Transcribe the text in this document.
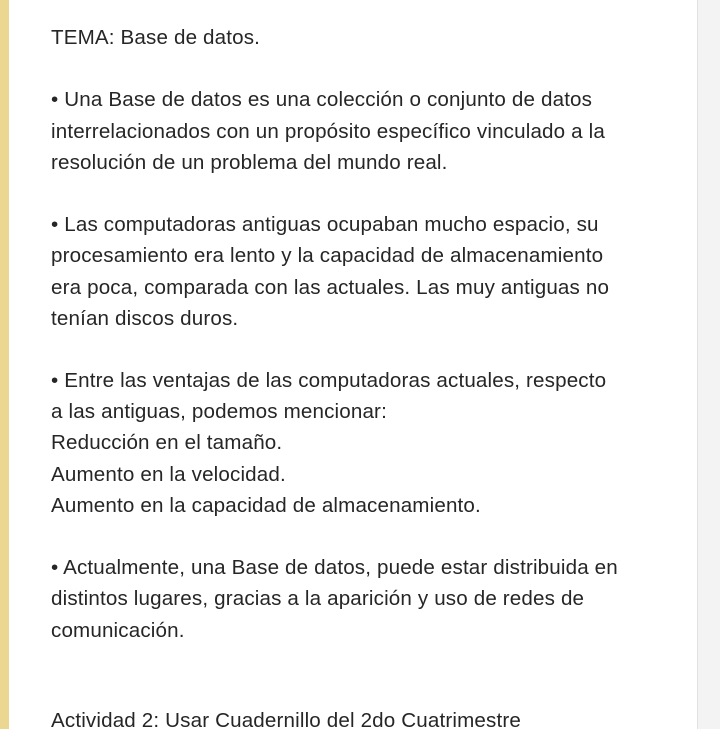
TEMA: Base de datos.
• Una Base de datos es una colección o conjunto de datos
interrelacionados con un propósito específico vinculado a la
resolución de un problema del mundo real.
• Las computadoras antiguas ocupaban mucho espacio, su
procesamiento era lento y la capacidad de almacenamiento
era poca, comparada con las actuales. Las muy antiguas no
tenían discos duros.
• Entre las ventajas de las computadoras actuales, respecto
a las antiguas, podemos mencionar:
Reducción en el tamaño.
Aumento en la velocidad.
Aumento en la capacidad de almacenamiento.
• Actualmente, una Base de datos, puede estar distribuida en
distintos lugares, gracias a la aparición y uso de redes de
comunicación.
Actividad 2: Usar Cuadernillo del 2do Cuatrimestre
